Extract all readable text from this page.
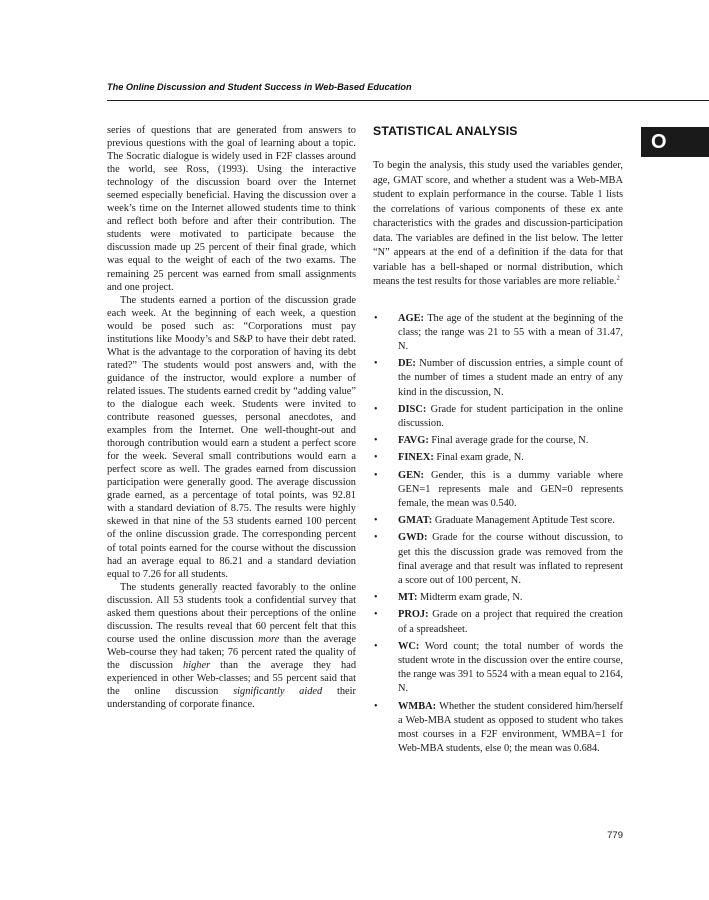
The Online Discussion and Student Success in Web-Based Education
O

series of questions that are generated from answers to previous questions with the goal of learning about a topic. The Socratic dialogue is widely used in F2F classes around the world, see Ross, (1993). Using the interactive technology of the discussion board over the Internet seemed especially beneficial. Having the discussion over a week’s time on the Internet allowed students time to think and reflect both before and after their contribution. The students were motivated to participate because the discussion made up 25 percent of their final grade, which was equal to the weight of each of the two exams. The remaining 25 percent was earned from small assignments and one project.

The students earned a portion of the discussion grade each week. At the beginning of each week, a question would be posed such as: “Corporations must pay institutions like Moody’s and S&P to have their debt rated. What is the advantage to the corporation of having its debt rated?” The students would post answers and, with the guidance of the instructor, would explore a number of related issues. The students earned credit by “adding value” to the dialogue each week. Students were invited to contribute reasoned guesses, personal anecdotes, and examples from the Internet. One well-thought-out and thorough contribution would earn a student a perfect score for the week. Several small contributions would earn a perfect score as well. The grades earned from discussion participation were generally good. The average discussion grade earned, as a percentage of total points, was 92.81 with a standard deviation of 8.75. The results were highly skewed in that nine of the 53 students earned 100 percent of the online discussion grade. The corresponding percent of total points earned for the course without the discussion had an average equal to 86.21 and a standard deviation equal to 7.26 for all students.

The students generally reacted favorably to the online discussion. All 53 students took a confidential survey that asked them questions about their perceptions of the online discussion. The results reveal that 60 percent felt that this course used the online discussion more than the average Web-course they had taken; 76 percent rated the quality of the discussion higher than the average they had experienced in other Web-classes; and 55 percent said that the online discussion significantly aided their understanding of corporate finance.

STATISTICAL ANALYSIS

To begin the analysis, this study used the variables gender, age, GMAT score, and whether a student was a Web-MBA student to explain performance in the course. Table 1 lists the correlations of various components of these ex ante characteristics with the grades and discussion-participation data. The variables are defined in the list below. The letter “N” appears at the end of a definition if the data for that variable has a bell-shaped or normal distribution, which means the test results for those variables are more reliable.$^2$

• AGE: The age of the student at the beginning of the class; the range was 21 to 55 with a mean of 31.47, N.
• DE: Number of discussion entries, a simple count of the number of times a student made an entry of any kind in the discussion, N.
• DISC: Grade for student participation in the online discussion.
• FAVG: Final average grade for the course, N.
• FINEX: Final exam grade, N.
• GEN: Gender, this is a dummy variable where GEN=1 represents male and GEN=0 represents female, the mean was 0.540.
• GMAT: Graduate Management Aptitude Test score.
• GWD: Grade for the course without discussion, to get this the discussion grade was removed from the final average and that result was inflated to represent a score out of 100 percent, N.
• MT: Midterm exam grade, N.
• PROJ: Grade on a project that required the creation of a spreadsheet.
• WC: Word count; the total number of words the student wrote in the discussion over the entire course, the range was 391 to 5524 with a mean equal to 2164, N.
• WMBA: Whether the student considered him/herself a Web-MBA student as opposed to student who takes most courses in a F2F environment, WMBA=1 for Web-MBA students, else 0; the mean was 0.684.
779
